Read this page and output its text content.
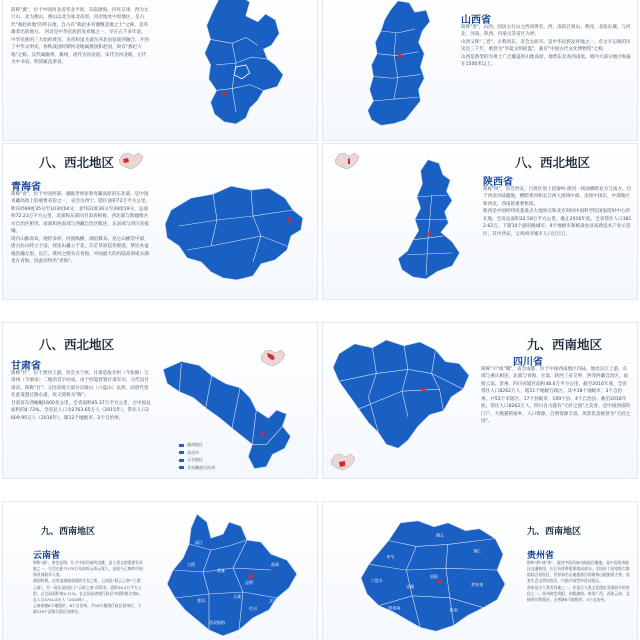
简称"冀"，位于中国河北省华北平原，东临渤海、内环京津，西为太行山，北为燕山，燕山以北为张北高原。河北地处中原地区，是古代"燕赵故地"的所在地，自古有"燕赵多有慷慨悲歌之士"之称，是英雄辈出的地方。 河北是中华民族的发祥地之一，早在五千多年前，中华民族的三大始祖黄帝、炎帝和蚩尤就在河北由征战到融合，开创了中华文明史。春秋战国时期河北地属燕国和赵国，故有"燕赵大地"之称。汉代属幽州、冀州，唐代为河北道、宋代为河北路，元代为中书省，明清属直隶省。
山西省
简称"晋"，山西，因居太行山之西而得名，西、南依吕梁山、黄河，北依长城，与河北、河南、陕西、内蒙古等省区为界。
山西又称"三晋"，古称河东，省会太原市。是中华民族发祥地之一，有文字记载的历史达三千年，被誉为"华夏文明摇篮"，素有"中国古代文化博物馆"之称。
山西是典型的为黄土广泛覆盖的山地高原，地势东北高西南低。境内大部分地区海拔在1500米以上。
八、西北地区
青海省
简称"青"，位于中国西部，雄踞世界屋脊青藏高原的东北部，是中国青藏高原上的重要省份之一，省会为西宁。辖区面积72万平方公里，跨东经89度35分至103度04分，北纬31度36分至39度19分，总面积72.23万平方公里，北部和东部同甘肃省相接，西北部与新疆维吾尔自治区相邻，南部和西南部与西藏自治区毗连，东南部与四川省接壤。
境内山脉高耸，地形多样，河流纵横，湖泊棋布。昆仑山横贯中部，唐古拉山峙立于南，祁连山矗立于北，茫茫草原起伏绵延，柴达木盆地浩瀚无垠。长江、黄河之源头在青海，中国最大的内陆高原咸水湖也在青海，因此而得名"青海"。
八、西北地区
陕西省
简称"陕"，省会西安。自然区划上因秦岭-淮河一线而横跨北方与南方。位于西北内陆腹地，横跨黄河和长江两大流域中部，连接中国东、中部地区和西北、西南的重要枢纽。
陕西是中国经纬度基准点大地原点和北京时间中国科学院国家授时中心所在地，全省总面积20.58万平方公里，截止2016年底，全省常住人口3812.62万，下辖10个副省级城市、9个地级市和杨凌农业高新技术产业示范区，其中西安、宝鸡两市城市人口过百万。
八、西北地区
甘肃省
简称"甘"，位于黄河上游，省会为兰州。甘肃是取甘州（今张掖）与肃州（今酒泉）二地的首字而成，由于西夏曾置甘肃军司，元代设甘肃省，简称"甘"；又因省境大部分在陇山（六盘山）以西，而唐代曾在此设置过陇右道，故又简称为"陇"。
甘肃省东西蜿蜒1600多公里，全省面积45.37万平方公里，占中国总面积的4.72%，全省总人口为2763.65万人（2015年），常住人口2609.95万人（2016年），辖12个地级市、2个自治州。
陇南地区
金昌市
天水地区
甘南藏族自治州
九、西南地区
四川省
简称"川"或"蜀"，省会成都，位于中国西南地区内陆，地处长江上游，东部与重庆相连，北部与青海、甘肃、陕西三省交界，西邻西藏自治区，南接云南、贵州，四川省辖区面积48.6万平方公里，截至2016年底，全省常住人口8262万人，辖21个地级行政区，其中18个地级市、3个自治州。共55个市辖区、17个县级市、109个县、4个自治县。截至2016年底，常住人口8262万人，四川自古就有"天府之国"之美誉，是中国西部的门户，大熊猫的家乡，人口资源、自然资源丰富，风景优美被誉为"天府之国"。
九、西南地区
云南省
简称"滇"，省会昆明。位于中国西南的边陲，是人类文明重要发祥地之一，生活在距今170万年前的云南元谋人，是现今已知的中国和亚洲最早人类。
战国时期，这里是滇族部落的生存之所，云南是"彩云之南""七彩云南"。另一说法是因位于"云岭之南"而得名。面积39.4万平方公里，占全国面积的4.11%，在全国各省级行政区中面积排名第8，总人口4741.8万人（2016年）。
云南省辖8个地级市、8个自治州，共16个地级行政区划单位，下辖129个县级行政区划单位。
丽江
大理
昆明
楚雄
曲靖
玉溪
普洱
西双版纳
红河
文山
遵义
毕节
铜仁
贵阳
六盘水
安顺
黔南
黔东南
黔西南
九、西南地区
贵州省
简称"黔"或"贵"，地处中国西南内陆地区腹地。是中国西南地区交通枢纽，长江经济带重要组成部分。全国首个国家级大数据综合试验区，世界知名山地旅游目的地和山地旅游大省，国家生态文明试验区，内陆开放型经济试验区。
贵州是古人类发祥地之一，亦是古人类文化遗址发现较多的省份之一。贵州省会贵阳，东毗湖南、南邻广西、西连云南、北接四川和重庆，全省辖6个地级市、3个自治州。
